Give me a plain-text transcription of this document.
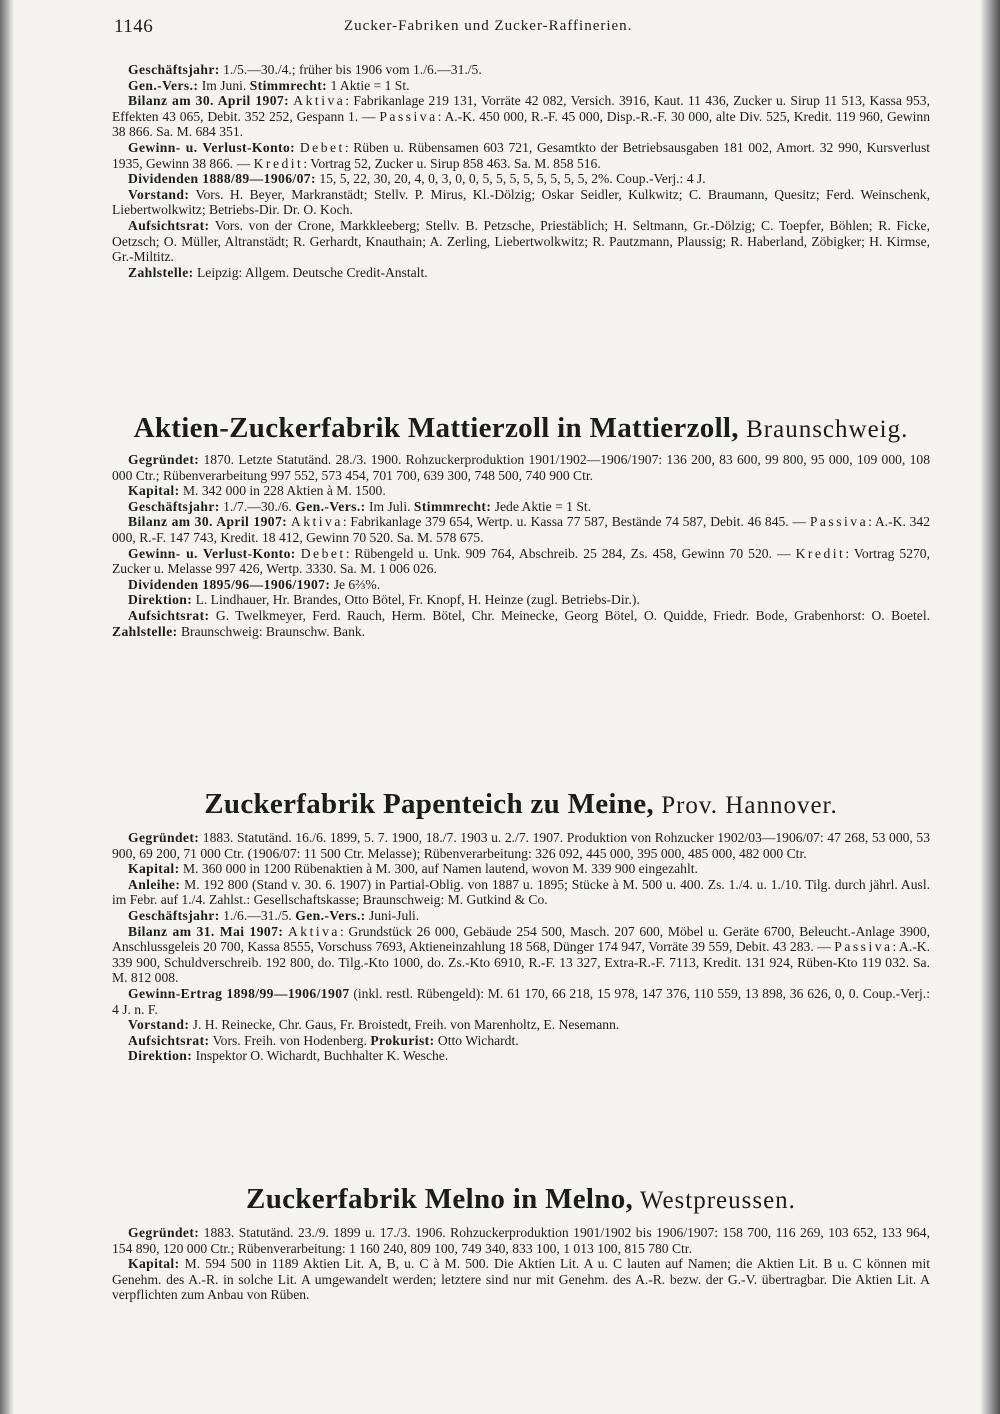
1146	Zucker-Fabriken und Zucker-Raffinerien.

Geschäftsjahr: 1./5.—30./4.; früher bis 1906 vom 1./6.—31./5.

Gen.-Vers.: Im Juni. Stimmrecht: 1 Aktie = 1 St.

Bilanz am 30. April 1907: Aktiva: Fabrikanlage 219 131, Vorräte 42 082, Versich. 3916, Kaut. 11 436, Zucker u. Sirup 11 513, Kassa 953, Effekten 43 065, Debit. 352 252, Gespann 1. — Passiva: A.-K. 450 000, R.-F. 45 000, Disp.-R.-F. 30 000, alte Div. 525, Kredit. 119 960, Gewinn 38 866. Sa. M. 684 351.

Gewinn- u. Verlust-Konto: Debet: Rüben u. Rübensamen 603 721, Gesamtkto der Betriebsausgaben 181 002, Amort. 32 990, Kursverlust 1935, Gewinn 38 866. — Kredit: Vortrag 52, Zucker u. Sirup 858 463. Sa. M. 858 516.

Dividenden 1888/89—1906/07: 15, 5, 22, 30, 20, 4, 0, 3, 0, 0, 5, 5, 5, 5, 5, 5, 5, 5, 2%. Coup.-Verj.: 4 J.

Vorstand: Vors. H. Beyer, Markranstädt; Stellv. P. Mirus, Kl.-Dölzig; Oskar Seidler, Kulkwitz; C. Braumann, Quesitz; Ferd. Weinschenk, Liebertwolkwitz; Betriebs-Dir. Dr. O. Koch.

Aufsichtsrat: Vors. von der Crone, Markkleeberg; Stellv. B. Petzsche, Priestäblich; H. Seltmann, Gr.-Dölzig; C. Toepfer, Böhlen; R. Ficke, Oetzsch; O. Müller, Altranstädt; R. Gerhardt, Knauthain; A. Zerling, Liebertwolkwitz; R. Pautzmann, Plaussig; R. Haberland, Zöbigker; H. Kirmse, Gr.-Miltitz.

Zahlstelle: Leipzig: Allgem. Deutsche Credit-Anstalt.

Aktien-Zuckerfabrik Mattierzoll in Mattierzoll, Braunschweig.

Gegründet: 1870. Letzte Statutänd. 28./3. 1900. Rohzuckerproduktion 1901/1902—1906/1907: 136 200, 83 600, 99 800, 95 000, 109 000, 108 000 Ctr.; Rübenverarbeitung 997 552, 573 454, 701 700, 639 300, 748 500, 740 900 Ctr.

Kapital: M. 342 000 in 228 Aktien à M. 1500.

Geschäftsjahr: 1./7.—30./6. Gen.-Vers.: Im Juli. Stimmrecht: Jede Aktie = 1 St.

Bilanz am 30. April 1907: Aktiva: Fabrikanlage 379 654, Wertp. u. Kassa 77 587, Bestände 74 587, Debit. 46 845. — Passiva: A.-K. 342 000, R.-F. 147 743, Kredit. 18 412, Gewinn 70 520. Sa. M. 578 675.

Gewinn- u. Verlust-Konto: Debet: Rübengeld u. Unk. 909 764, Abschreib. 25 284, Zs. 458, Gewinn 70 520. — Kredit: Vortrag 5270, Zucker u. Melasse 997 426, Wertp. 3330. Sa. M. 1 006 026.

Dividenden 1895/96—1906/1907: Je 6⅔%.

Direktion: L. Lindhauer, Hr. Brandes, Otto Bötel, Fr. Knopf, H. Heinze (zugl. Betriebs-Dir.).

Aufsichtsrat: G. Twelkmeyer, Ferd. Rauch, Herm. Bötel, Chr. Meinecke, Georg Bötel, O. Quidde, Friedr. Bode, Grabenhorst: O. Boetel. Zahlstelle: Braunschweig: Braunschw. Bank.

Zuckerfabrik Papenteich zu Meine, Prov. Hannover.

Gegründet: 1883. Statutänd. 16./6. 1899, 5. 7. 1900, 18./7. 1903 u. 2./7. 1907. Produktion von Rohzucker 1902/03—1906/07: 47 268, 53 000, 53 900, 69 200, 71 000 Ctr. (1906/07: 11 500 Ctr. Melasse); Rübenverarbeitung: 326 092, 445 000, 395 000, 485 000, 482 000 Ctr.

Kapital: M. 360 000 in 1200 Rübenaktien à M. 300, auf Namen lautend, wovon M. 339 900 eingezahlt.

Anleihe: M. 192 800 (Stand v. 30. 6. 1907) in Partial-Oblig. von 1887 u. 1895; Stücke à M. 500 u. 400. Zs. 1./4. u. 1./10. Tilg. durch jährl. Ausl. im Febr. auf 1./4. Zahlst.: Gesellschaftskasse; Braunschweig: M. Gutkind & Co.

Geschäftsjahr: 1./6.—31./5. Gen.-Vers.: Juni-Juli.

Bilanz am 31. Mai 1907: Aktiva: Grundstück 26 000, Gebäude 254 500, Masch. 207 600, Möbel u. Geräte 6700, Beleucht.-Anlage 3900, Anschlussgeleis 20 700, Kassa 8555, Vorschuss 7693, Aktieneinzahlung 18 568, Dünger 174 947, Vorräte 39 559, Debit. 43 283. — Passiva: A.-K. 339 900, Schuldverschreib. 192 800, do. Tilg.-Kto 1000, do. Zs.-Kto 6910, R.-F. 13 327, Extra-R.-F. 7113, Kredit. 131 924, Rüben-Kto 119 032. Sa. M. 812 008.

Gewinn-Ertrag 1898/99—1906/1907 (inkl. restl. Rübengeld): M. 61 170, 66 218, 15 978, 147 376, 110 559, 13 898, 36 626, 0, 0. Coup.-Verj.: 4 J. n. F.

Vorstand: J. H. Reinecke, Chr. Gaus, Fr. Broistedt, Freih. von Marenholtz, E. Nesemann.

Aufsichtsrat: Vors. Freih. von Hodenberg. Prokurist: Otto Wichardt.

Direktion: Inspektor O. Wichardt, Buchhalter K. Wesche.

Zuckerfabrik Melno in Melno, Westpreussen.

Gegründet: 1883. Statutänd. 23./9. 1899 u. 17./3. 1906. Rohzuckerproduktion 1901/1902 bis 1906/1907: 158 700, 116 269, 103 652, 133 964, 154 890, 120 000 Ctr.; Rübenverarbeitung: 1 160 240, 809 100, 749 340, 833 100, 1 013 100, 815 780 Ctr.

Kapital: M. 594 500 in 1189 Aktien Lit. A, B, u. C à M. 500. Die Aktien Lit. A u. C lauten auf Namen; die Aktien Lit. B u. C können mit Genehm. des A.-R. in solche Lit. A umgewandelt werden; letztere sind nur mit Genehm. des A.-R. bezw. der G.-V. übertragbar. Die Aktien Lit. A verpflichten zum Anbau von Rüben.
